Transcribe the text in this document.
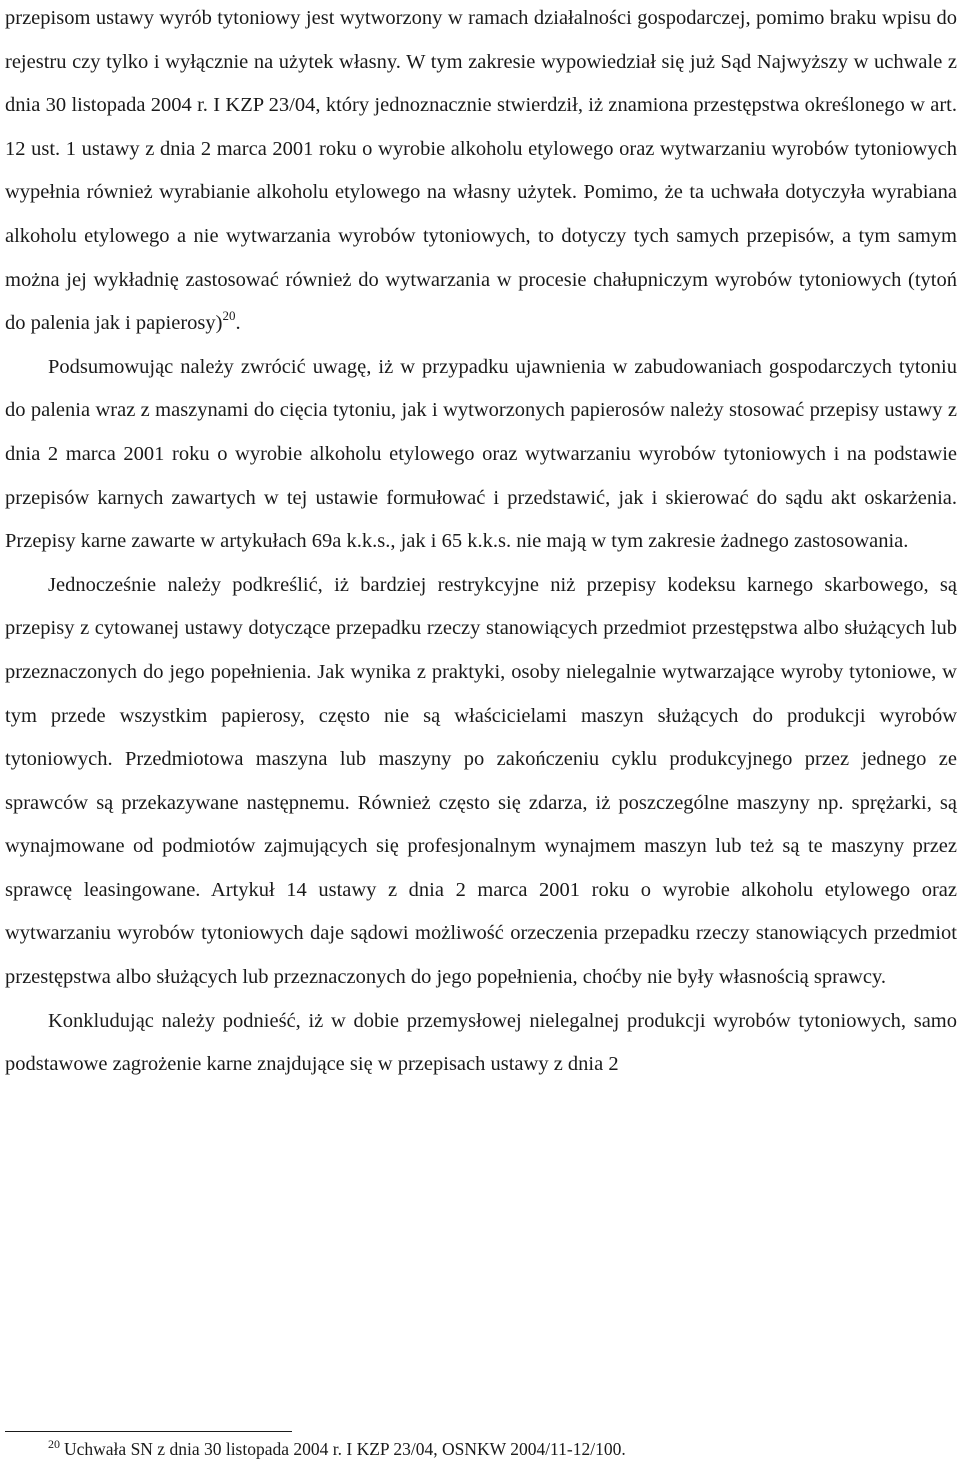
przepisom ustawy wyrób tytoniowy jest wytworzony w ramach działalności gospodarczej, pomimo braku wpisu do rejestru czy tylko i wyłącznie na użytek własny. W tym zakresie wypowiedział się już Sąd Najwyższy w uchwale z dnia 30 listopada 2004 r. I KZP 23/04, który jednoznacznie stwierdził, iż znamiona przestępstwa określonego w art. 12 ust. 1 ustawy z dnia 2 marca 2001 roku o wyrobie alkoholu etylowego oraz wytwarzaniu wyrobów tytoniowych wypełnia również wyrabianie alkoholu etylowego na własny użytek. Pomimo, że ta uchwała dotyczyła wyrabiana alkoholu etylowego a nie wytwarzania wyrobów tytoniowych, to dotyczy tych samych przepisów, a tym samym można jej wykładnię zastosować również do wytwarzania w procesie chałupniczym wyrobów tytoniowych (tytoń do palenia jak i papierosy)$^{20}$.

Podsumowując należy zwrócić uwagę, iż w przypadku ujawnienia w zabudowaniach gospodarczych tytoniu do palenia wraz z maszynami do cięcia tytoniu, jak i wytworzonych papierosów należy stosować przepisy ustawy z dnia 2 marca 2001 roku o wyrobie alkoholu etylowego oraz wytwarzaniu wyrobów tytoniowych i na podstawie przepisów karnych zawartych w tej ustawie formułować i przedstawić, jak i skierować do sądu akt oskarżenia. Przepisy karne zawarte w artykułach 69a k.k.s., jak i 65 k.k.s. nie mają w tym zakresie żadnego zastosowania.

Jednocześnie należy podkreślić, iż bardziej restrykcyjne niż przepisy kodeksu karnego skarbowego, są przepisy z cytowanej ustawy dotyczące przepadku rzeczy stanowiących przedmiot przestępstwa albo służących lub przeznaczonych do jego popełnienia. Jak wynika z praktyki, osoby nielegalnie wytwarzające wyroby tytoniowe, w tym przede wszystkim papierosy, często nie są właścicielami maszyn służących do produkcji wyrobów tytoniowych. Przedmiotowa maszyna lub maszyny po zakończeniu cyklu produkcyjnego przez jednego ze sprawców są przekazywane następnemu. Również często się zdarza, iż poszczególne maszyny np. sprężarki, są wynajmowane od podmiotów zajmujących się profesjonalnym wynajmem maszyn lub też są te maszyny przez sprawcę leasingowane. Artykuł 14 ustawy z dnia 2 marca 2001 roku o wyrobie alkoholu etylowego oraz wytwarzaniu wyrobów tytoniowych daje sądowi możliwość orzeczenia przepadku rzeczy stanowiących przedmiot przestępstwa albo służących lub przeznaczonych do jego popełnienia, choćby nie były własnością sprawcy.

Konkludując należy podnieść, iż w dobie przemysłowej nielegalnej produkcji wyrobów tytoniowych, samo podstawowe zagrożenie karne znajdujące się w przepisach ustawy z dnia 2

$^{20}$ Uchwała SN z dnia 30 listopada 2004 r. I KZP 23/04, OSNKW 2004/11-12/100.
